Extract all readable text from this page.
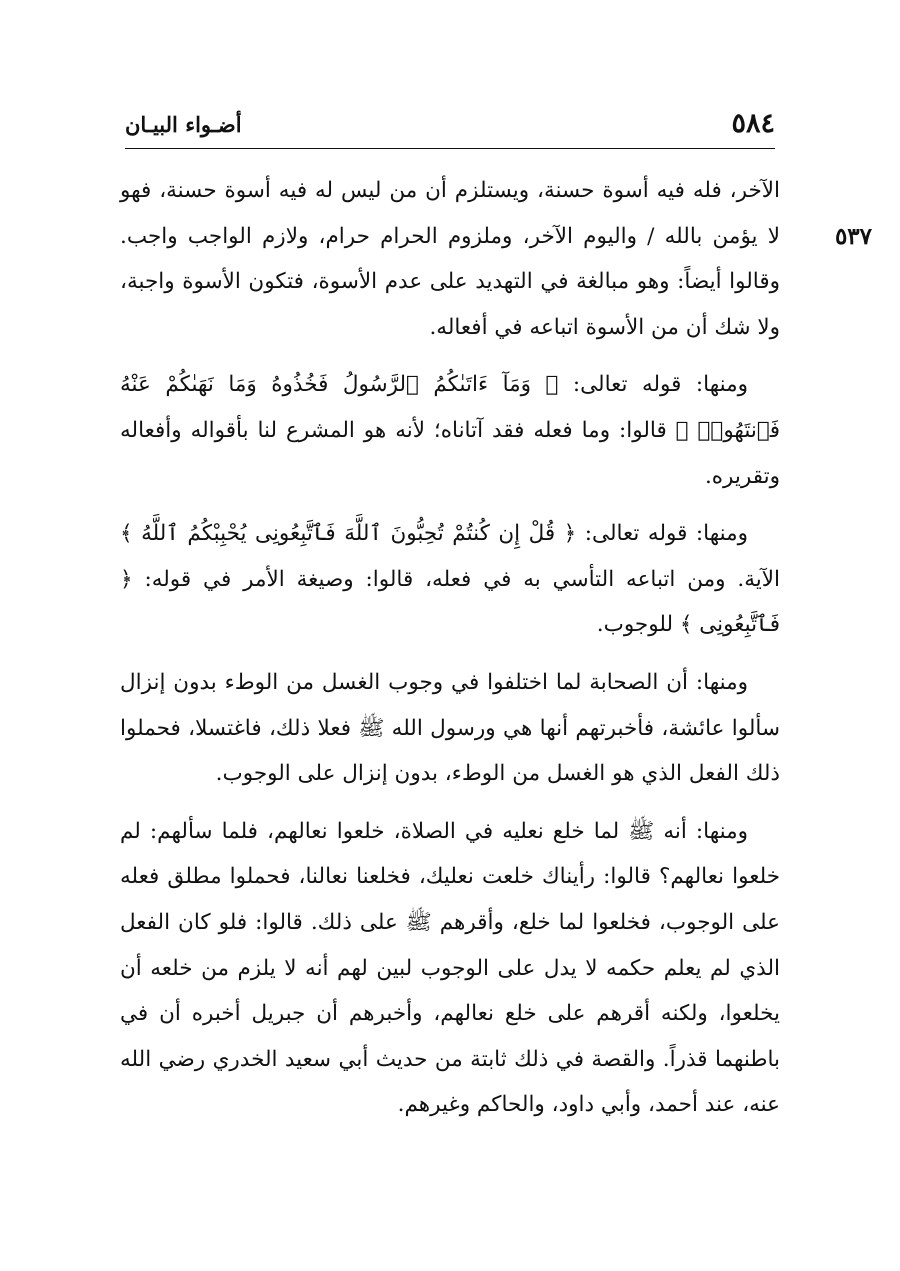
٥٨٤
أضـواء البيـان
٥٣٧

الآخر، فله فيه أسوة حسنة، ويستلزم أن من ليس له فيه أسوة حسنة، فهو لا يؤمن بالله / واليوم الآخر، وملزوم الحرام حرام، ولازم الواجب واجب. وقالوا أيضاً: وهو مبالغة في التهديد على عدم الأسوة، فتكون الأسوة واجبة، ولا شك أن من الأسوة اتباعه في أفعاله.

ومنها: قوله تعالى: ﴿ وَمَآ ءَاتَىٰكُمُ ٱلرَّسُولُ فَخُذُوهُ وَمَا نَهَىٰكُمْ عَنْهُ فَٱنتَهُوا۟ ﴾ قالوا: وما فعله فقد آتاناه؛ لأنه هو المشرع لنا بأقواله وأفعاله وتقريره.

ومنها: قوله تعالى: ﴿ قُلْ إِن كُنتُمْ تُحِبُّونَ ٱللَّهَ فَٱتَّبِعُونِى يُحْبِبْكُمُ ٱللَّهُ ﴾ الآية. ومن اتباعه التأسي به في فعله، قالوا: وصيغة الأمر في قوله: ﴿ فَٱتَّبِعُونِى ﴾ للوجوب.

ومنها: أن الصحابة لما اختلفوا في وجوب الغسل من الوطء بدون إنزال سألوا عائشة، فأخبرتهم أنها هي ورسول الله ﷺ فعلا ذلك، فاغتسلا، فحملوا ذلك الفعل الذي هو الغسل من الوطء، بدون إنزال على الوجوب.

ومنها: أنه ﷺ لما خلع نعليه في الصلاة، خلعوا نعالهم، فلما سألهم: لم خلعوا نعالهم؟ قالوا: رأيناك خلعت نعليك، فخلعنا نعالنا، فحملوا مطلق فعله على الوجوب، فخلعوا لما خلع، وأقرهم ﷺ على ذلك. قالوا: فلو كان الفعل الذي لم يعلم حكمه لا يدل على الوجوب لبين لهم أنه لا يلزم من خلعه أن يخلعوا، ولكنه أقرهم على خلع نعالهم، وأخبرهم أن جبريل أخبره أن في باطنهما قذراً. والقصة في ذلك ثابتة من حديث أبي سعيد الخدري رضي الله عنه، عند أحمد، وأبي داود، والحاكم وغيرهم.
